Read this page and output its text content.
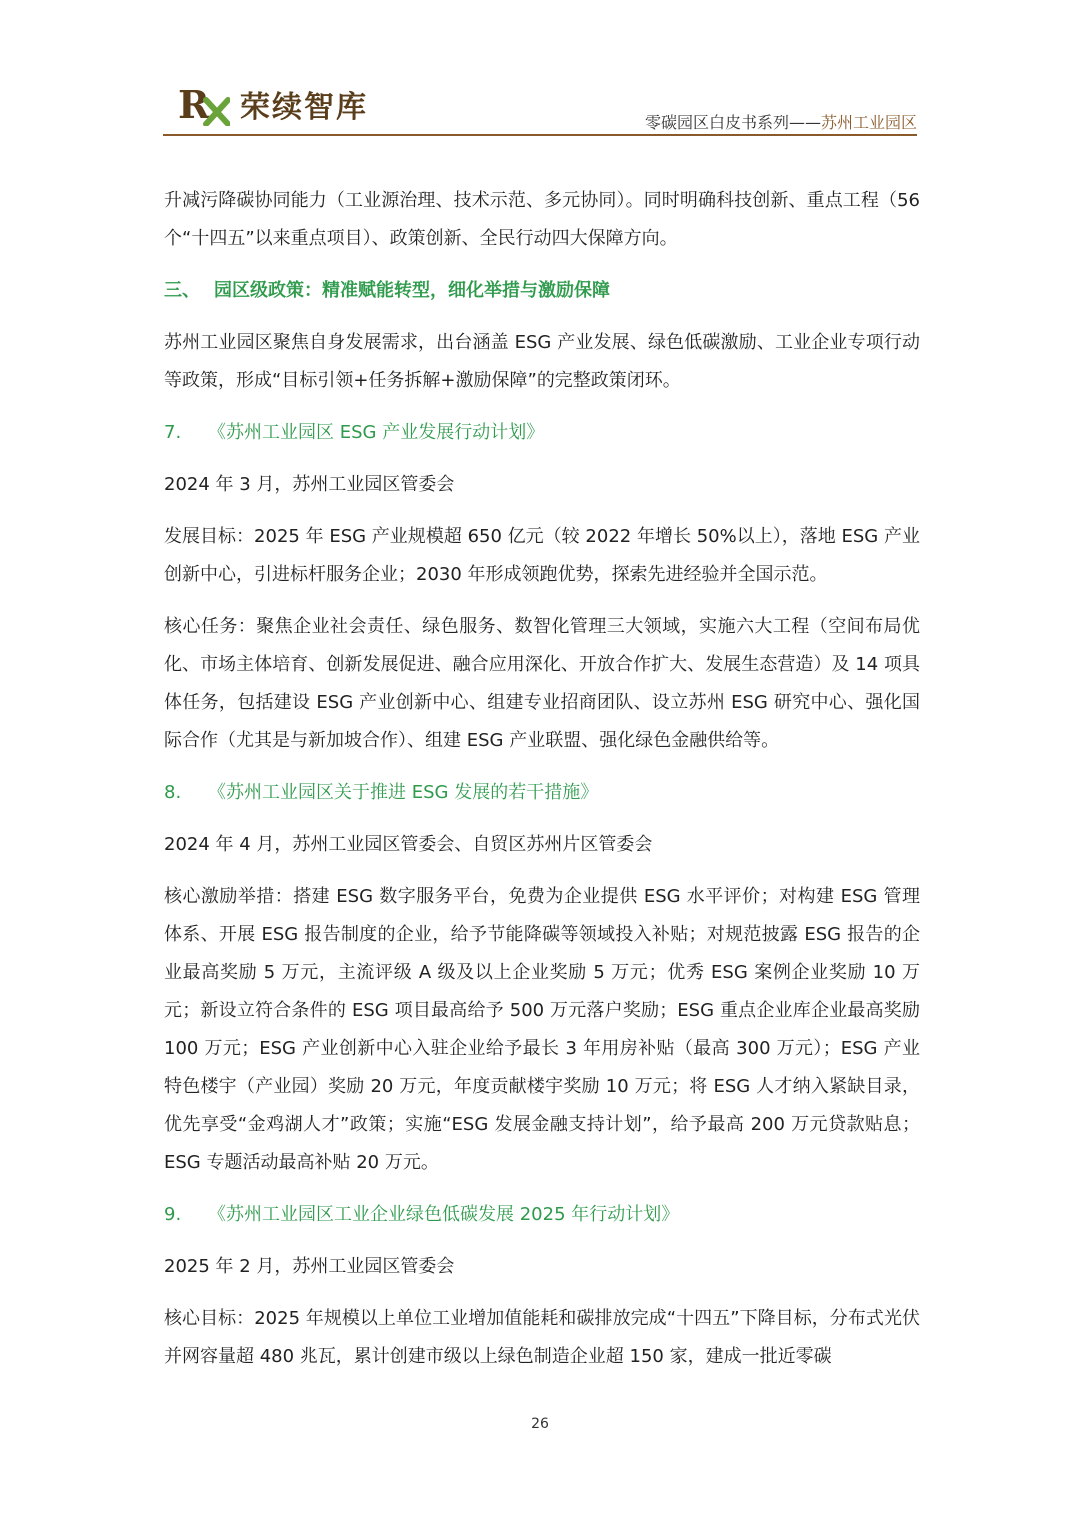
R 荣续智库	零碳园区白皮书系列——苏州工业园区

升减污降碳协同能力（工业源治理、技术示范、多元协同）。同时明确科技创新、重点工程（56 个“十四五”以来重点项目）、政策创新、全民行动四大保障方向。

三、 园区级政策：精准赋能转型，细化举措与激励保障

苏州工业园区聚焦自身发展需求，出台涵盖 ESG 产业发展、绿色低碳激励、工业企业专项行动等政策，形成“目标引领+任务拆解+激励保障”的完整政策闭环。

7. 《苏州工业园区 ESG 产业发展行动计划》
2024 年 3 月，苏州工业园区管委会

发展目标：2025 年 ESG 产业规模超 650 亿元（较 2022 年增长 50%以上），落地 ESG 产业创新中心，引进标杆服务企业；2030 年形成领跑优势，探索先进经验并全国示范。

核心任务：聚焦企业社会责任、绿色服务、数智化管理三大领域，实施六大工程（空间布局优化、市场主体培育、创新发展促进、融合应用深化、开放合作扩大、发展生态营造）及 14 项具体任务，包括建设 ESG 产业创新中心、组建专业招商团队、设立苏州 ESG 研究中心、强化国际合作（尤其是与新加坡合作）、组建 ESG 产业联盟、强化绿色金融供给等。

8. 《苏州工业园区关于推进 ESG 发展的若干措施》
2024 年 4 月，苏州工业园区管委会、自贸区苏州片区管委会

核心激励举措：搭建 ESG 数字服务平台，免费为企业提供 ESG 水平评价；对构建 ESG 管理体系、开展 ESG 报告制度的企业，给予节能降碳等领域投入补贴；对规范披露 ESG 报告的企业最高奖励 5 万元，主流评级 A 级及以上企业奖励 5 万元；优秀 ESG 案例企业奖励 10 万元；新设立符合条件的 ESG 项目最高给予 500 万元落户奖励；ESG 重点企业库企业最高奖励 100 万元；ESG 产业创新中心入驻企业给予最长 3 年用房补贴（最高 300 万元）；ESG 产业特色楼宇（产业园）奖励 20 万元，年度贡献楼宇奖励 10 万元；将 ESG 人才纳入紧缺目录，优先享受“金鸡湖人才”政策；实施“ESG 发展金融支持计划”，给予最高 200 万元贷款贴息；ESG 专题活动最高补贴 20 万元。

9. 《苏州工业园区工业企业绿色低碳发展 2025 年行动计划》
2025 年 2 月，苏州工业园区管委会

核心目标：2025 年规模以上单位工业增加值能耗和碳排放完成“十四五”下降目标，分布式光伏并网容量超 480 兆瓦，累计创建市级以上绿色制造企业超 150 家，建成一批近零碳

26
